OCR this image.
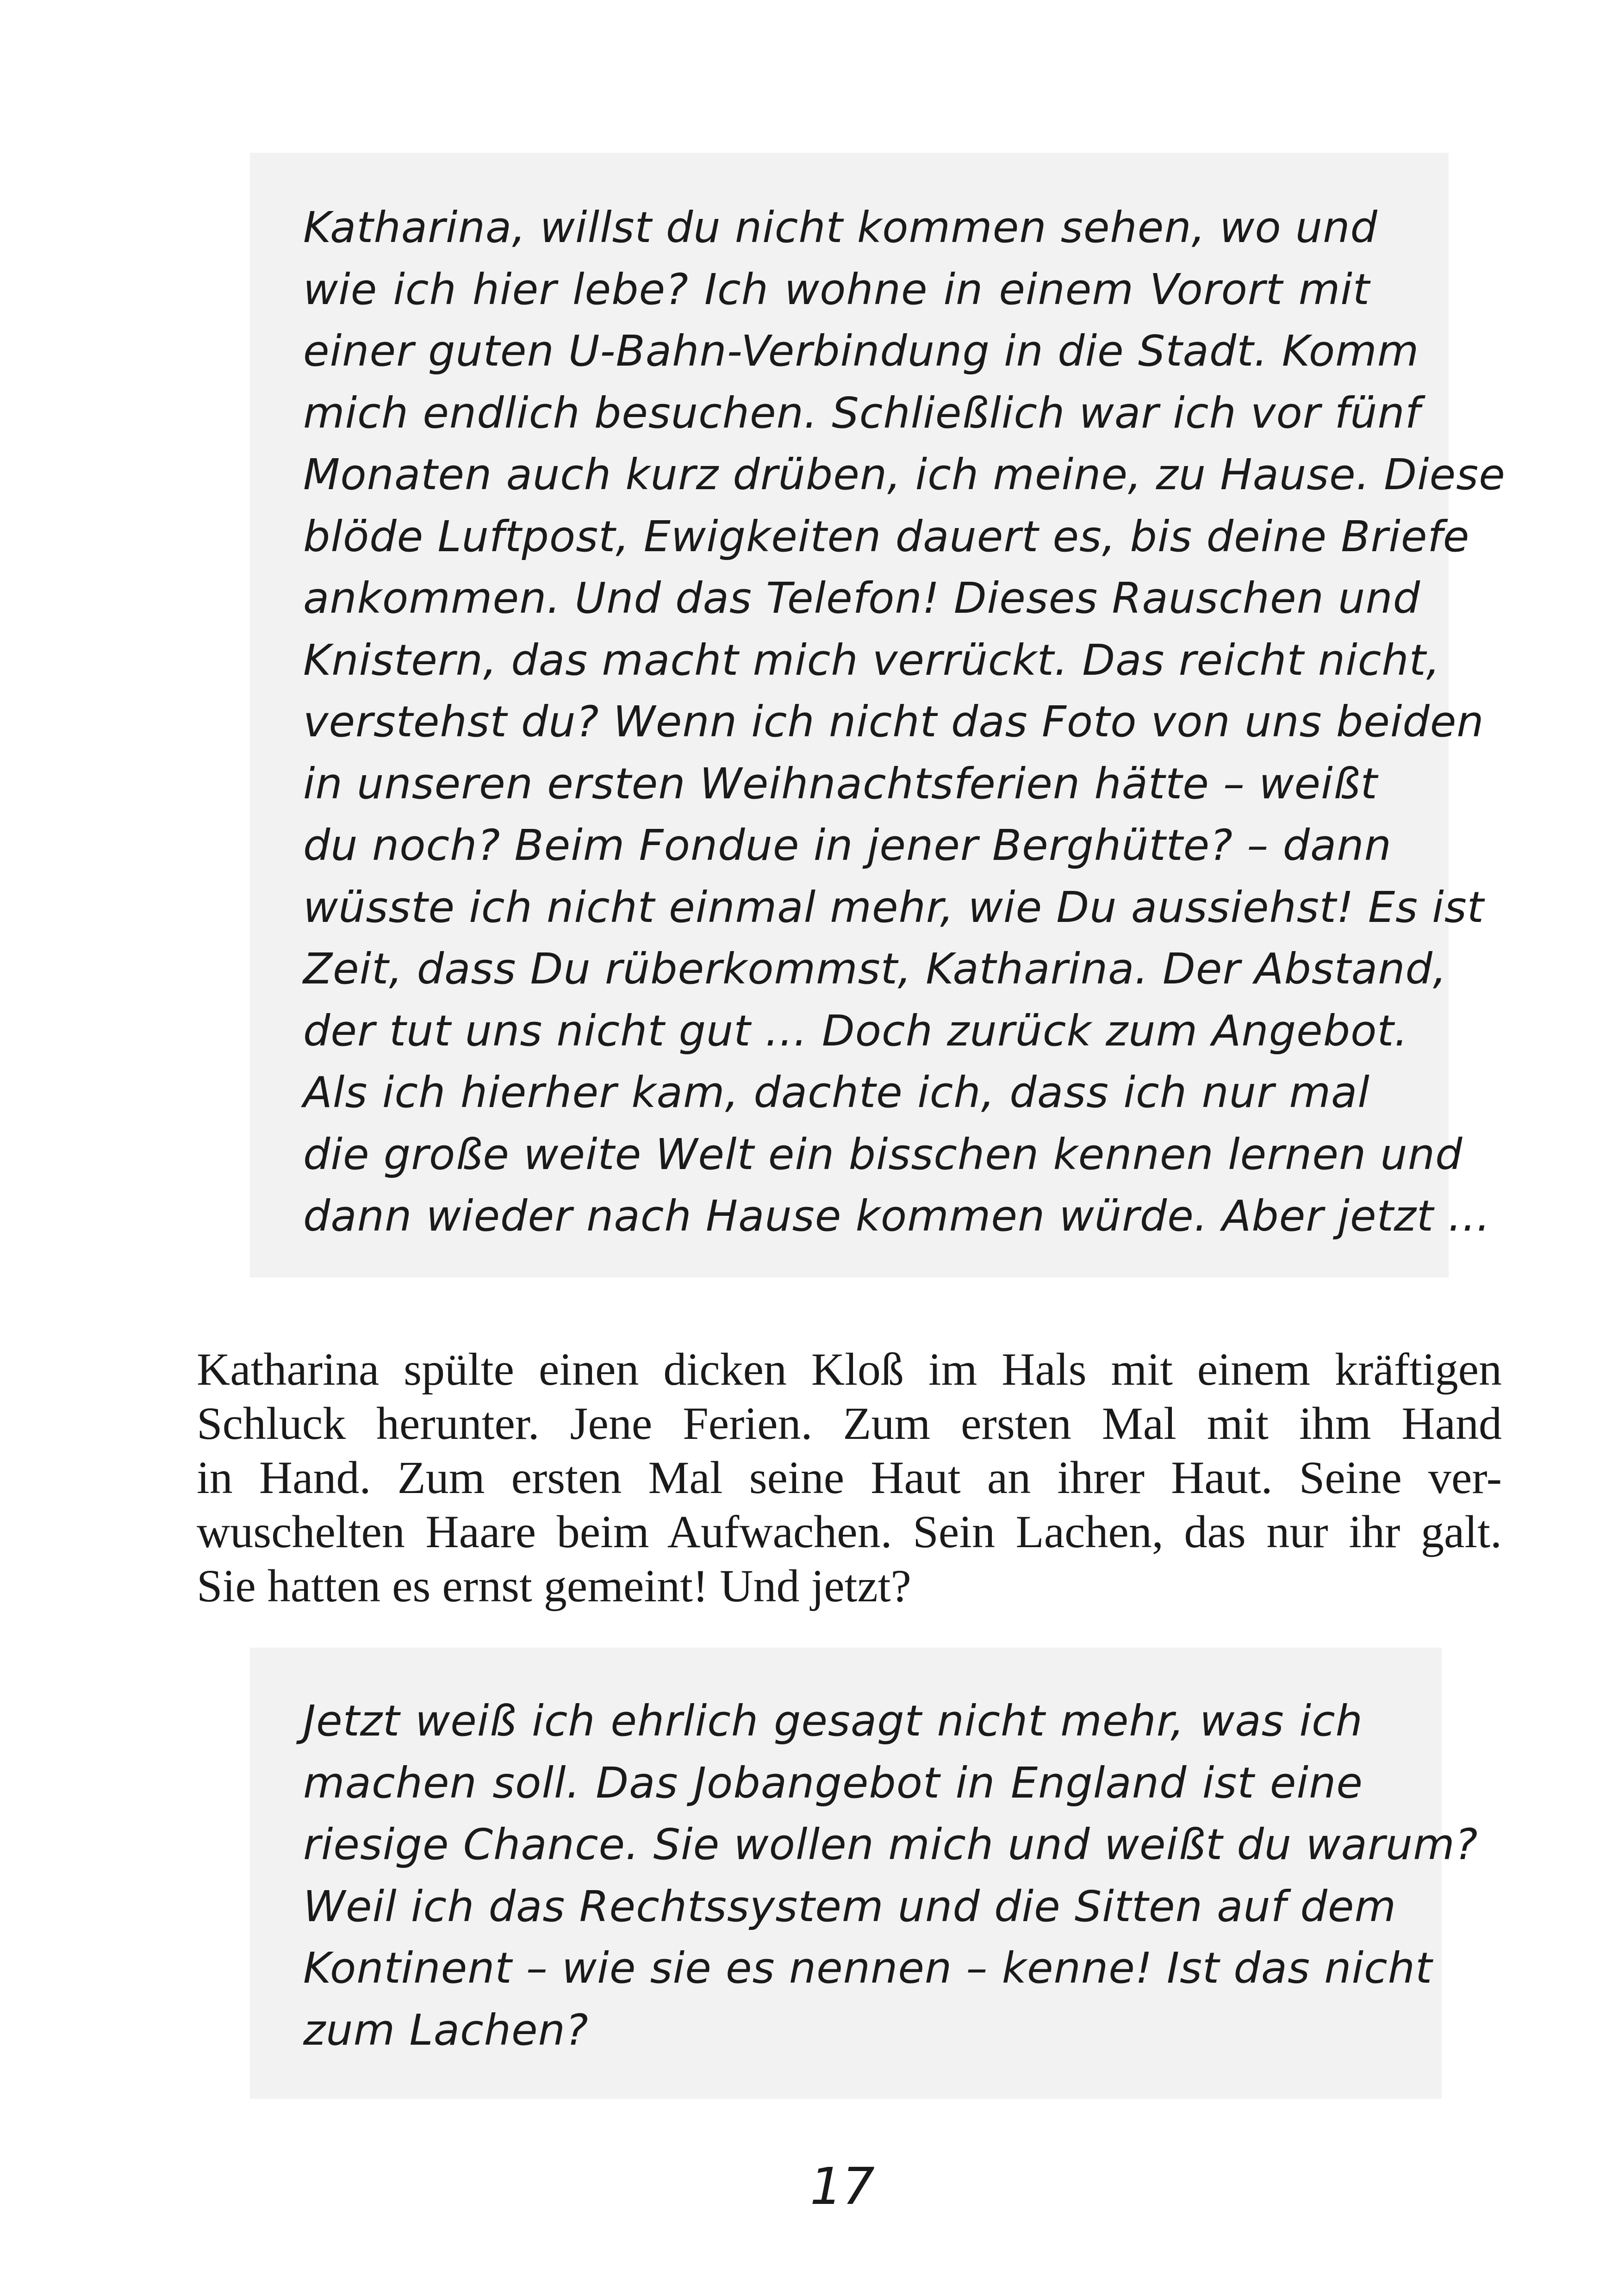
Katharina, willst du nicht kommen sehen, wo und
wie ich hier lebe? Ich wohne in einem Vorort mit
einer guten U-Bahn-Verbindung in die Stadt. Komm
mich endlich besuchen. Schließlich war ich vor fünf
Monaten auch kurz drüben, ich meine, zu Hause. Diese
blöde Luftpost, Ewigkeiten dauert es, bis deine Briefe
ankommen. Und das Telefon! Dieses Rauschen und
Knistern, das macht mich verrückt. Das reicht nicht,
verstehst du? Wenn ich nicht das Foto von uns beiden
in unseren ersten Weihnachtsferien hätte – weißt
du noch? Beim Fondue in jener Berghütte? – dann
wüsste ich nicht einmal mehr, wie Du aussiehst! Es ist
Zeit, dass Du rüberkommst, Katharina. Der Abstand,
der tut uns nicht gut … Doch zurück zum Angebot.
Als ich hierher kam, dachte ich, dass ich nur mal
die große weite Welt ein bisschen kennen lernen und
dann wieder nach Hause kommen würde. Aber jetzt …
Katharina spülte einen dicken Kloß im Hals mit einem kräftigen
Schluck herunter. Jene Ferien. Zum ersten Mal mit ihm Hand
in Hand. Zum ersten Mal seine Haut an ihrer Haut. Seine ver-
wuschelten Haare beim Aufwachen. Sein Lachen, das nur ihr galt.
Sie hatten es ernst gemeint! Und jetzt?
Jetzt weiß ich ehrlich gesagt nicht mehr, was ich
machen soll. Das Jobangebot in England ist eine
riesige Chance. Sie wollen mich und weißt du warum?
Weil ich das Rechtssystem und die Sitten auf dem
Kontinent – wie sie es nennen – kenne! Ist das nicht
zum Lachen?
17
